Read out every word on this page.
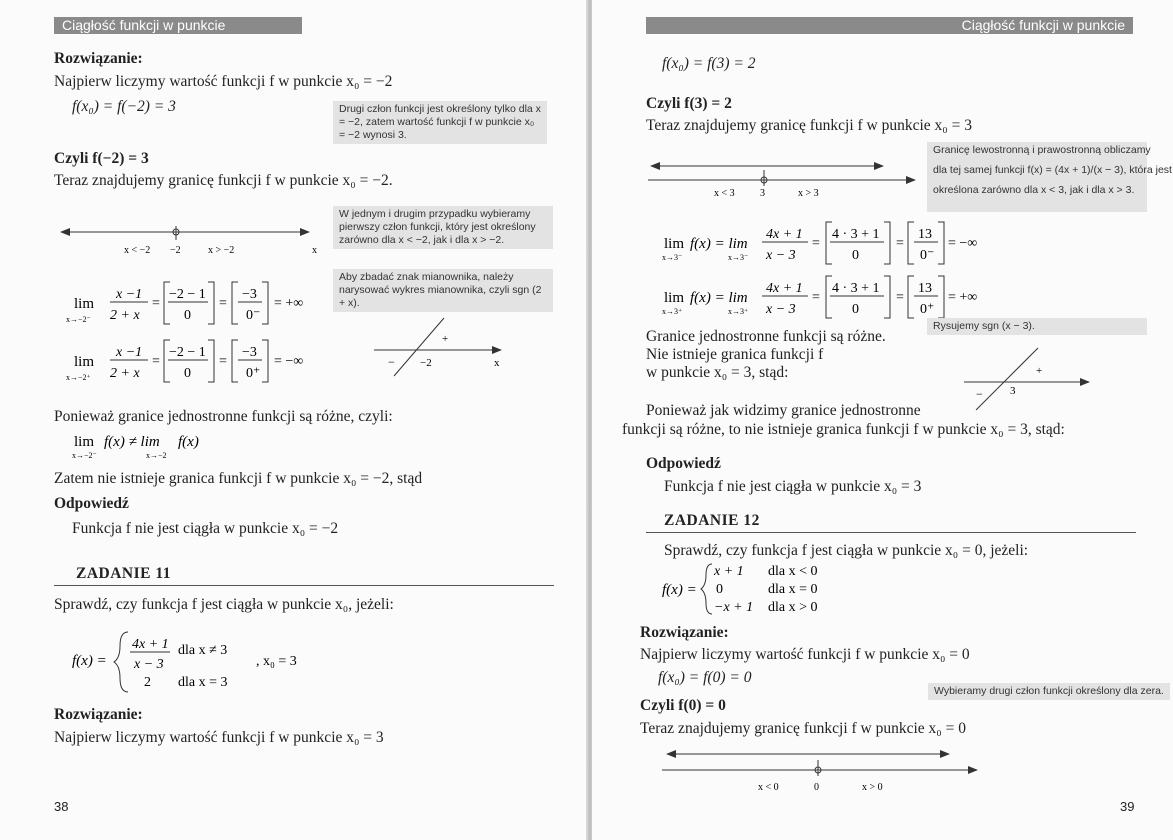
Ciągłość funkcji w punkcie
Rozwiązanie:
Najpierw liczymy wartość funkcji f w punkcie x₀ = −2
f(x₀) = f(−2) = 3	Drugi człon funkcji jest określony tylko dla x = −2, zatem wartość funkcji f w punkcie x₀ = −2 wynosi 3.
Czyli f(−2) = 3
Teraz znajdujemy granicę funkcji f w punkcie x₀ = −2.
W jednym i drugim przypadku wybieramy pierwszy człon funkcji, który jest określony zarówno dla x < −2, jak i dla x > −2.
x < −2 −2	x > −2	x
Aby zbadać znak mianownika, należy narysować wykres mianownika, czyli sgn (2 + x).
lim
x→−2⁻
x −1
2 + x
=
−2 − 1
0
=
−3
0⁻
= +∞
lim
x→−2⁺
x −1
2 + x
=
−2 − 1
0
=
−3
0⁺
= −∞
+
− −2	x
Ponieważ granice jednostronne funkcji są różne, czyli:
lim
x→−2⁻
f(x) ≠ lim
x→−2
f(x)
Zatem nie istnieje granica funkcji f w punkcie x₀ = −2, stąd
Odpowiedź
Funkcja f nie jest ciągła w punkcie x₀ = −2
ZADANIE 11
Sprawdź, czy funkcja f jest ciągła w punkcie x₀, jeżeli:
f(x) =
4x + 1
x − 3
dla x ≠ 3
2 dla x = 3
, x₀ = 3
Rozwiązanie:
Najpierw liczymy wartość funkcji f w punkcie x₀ = 3
38
Ciągłość funkcji w punkcie
f(x₀) = f(3) = 2
Czyli f(3) = 2
Teraz znajdujemy granicę funkcji f w punkcie x₀ = 3
Granicę lewostronną i prawostronną obliczamy
dla tej samej funkcji f(x) = (4x + 1)/(x − 3), która jest
określona zarówno dla x < 3, jak i dla x > 3.
x < 3	3	x > 3
lim
x→3⁻
f(x) = lim
x→3⁻
4x + 1
x − 3
=
4 · 3 + 1
0
=
13
0⁻
= −∞
lim
x→3⁺
f(x) = lim
x→3⁺
4x + 1
x − 3
=
4 · 3 + 1
0
=
13
0⁺
= +∞
Rysujemy sgn (x − 3).
Granice jednostronne funkcji są różne.
Nie istnieje granica funkcji f
w punkcie x₀ = 3, stąd:	+
− 3
Ponieważ jak widzimy granice jednostronne
funkcji są różne, to nie istnieje granica funkcji f w punkcie x₀ = 3, stąd:
Odpowiedź
Funkcja f nie jest ciągła w punkcie x₀ = 3
ZADANIE 12
Sprawdź, czy funkcja f jest ciągła w punkcie x₀ = 0, jeżeli:
f(x) =
x + 1 dla x < 0
0	dla x = 0
−x + 1 dla x > 0
Rozwiązanie:
Najpierw liczymy wartość funkcji f w punkcie x₀ = 0
f(x₀) = f(0) = 0
Wybieramy drugi człon funkcji określony dla zera.
Czyli f(0) = 0
Teraz znajdujemy granicę funkcji f w punkcie x₀ = 0
x < 0	0	x > 0
39
